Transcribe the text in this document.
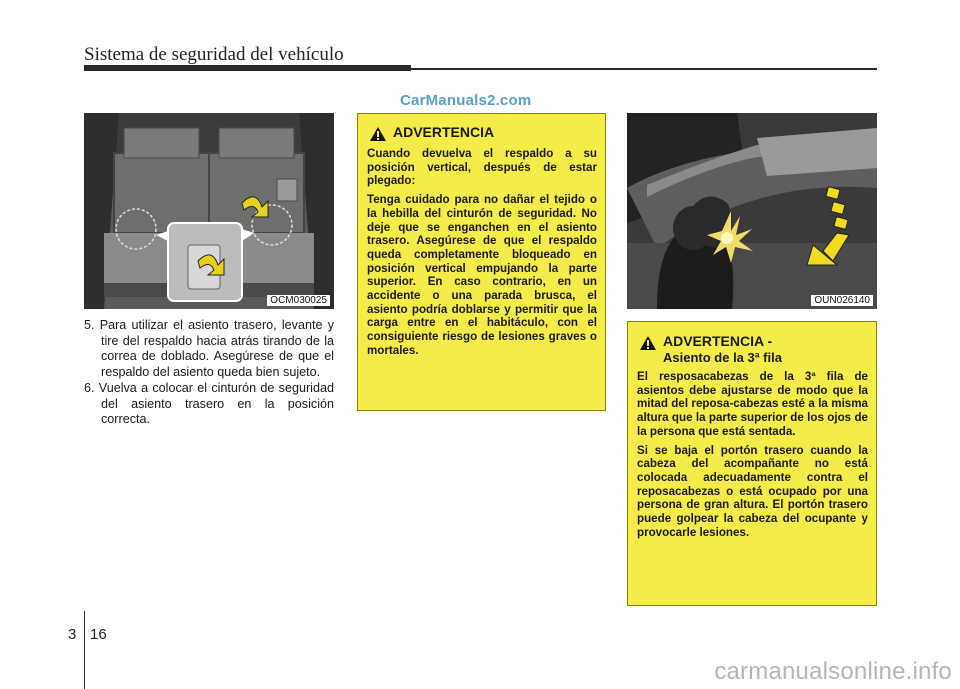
Sistema de seguridad del vehículo
CarManuals2.com
OCM030025

5. Para utilizar el asiento trasero, levante y tire del respaldo hacia atrás tirando de la correa de doblado. Asegúrese de que el respaldo del asiento queda bien sujeto.

6. Vuelva a colocar el cinturón de seguridad del asiento trasero en la posición correcta.

ADVERTENCIA

Cuando devuelva el respaldo a su posición vertical, después de estar plegado:

Tenga cuidado para no dañar el tejido o la hebilla del cinturón de seguridad. No deje que se enganchen en el asiento trasero. Asegúrese de que el respaldo queda completamente bloqueado en posición vertical empujando la parte superior. En caso contrario, en un accidente o una parada brusca, el asiento podría doblarse y permitir que la carga entre en el habitáculo, con el consiguiente riesgo de lesiones graves o mortales.

OUN026140
ADVERTENCIA -
Asiento de la 3ª fila

El resposacabezas de la 3ª fila de asientos debe ajustarse de modo que la mitad del reposa-cabezas esté a la misma altura que la parte superior de los ojos de la persona que está sentada.

Si se baja el portón trasero cuando la cabeza del acompañante no está colocada adecuadamente contra el reposacabezas o está ocupado por una persona de gran altura. El portón trasero puede golpear la cabeza del ocupante y provocarle lesiones.

3 16
carmanualsonline.info
